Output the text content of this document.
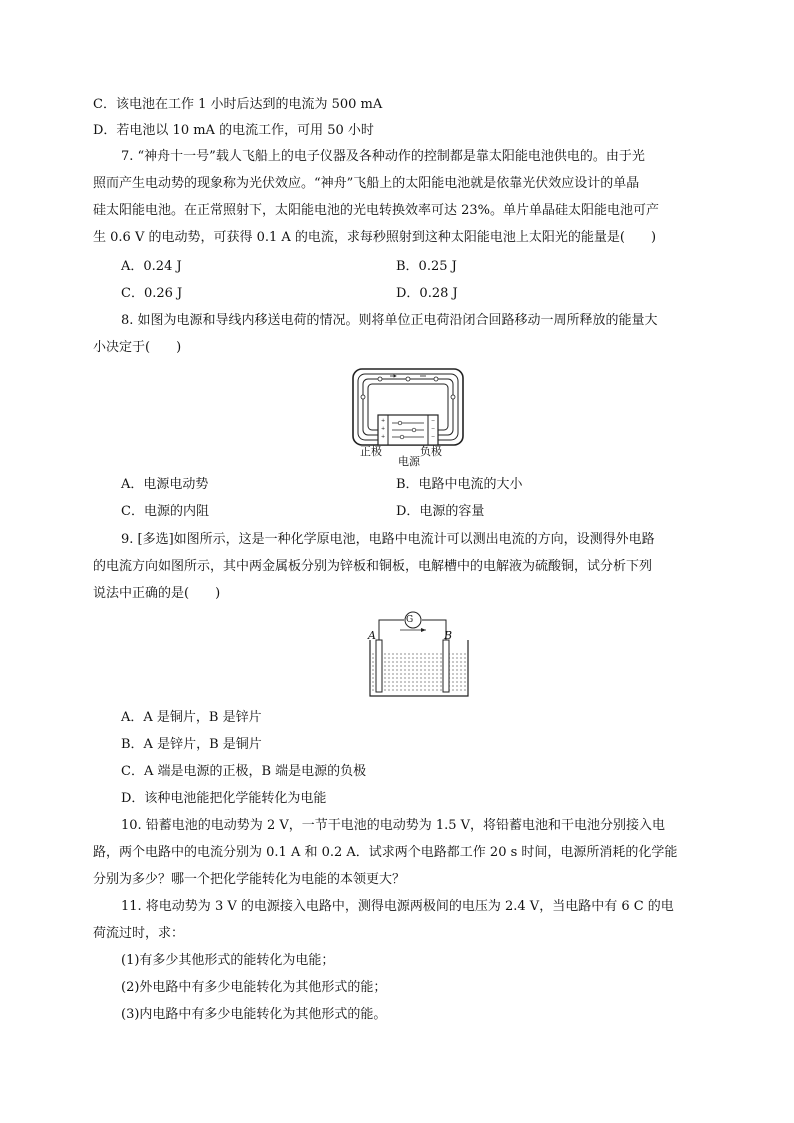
C．该电池在工作 1 小时后达到的电流为 500 mA
D．若电池以 10 mA 的电流工作，可用 50 小时
7. “神舟十一号”载人飞船上的电子仪器及各种动作的控制都是靠太阳能电池供电的。由于光
照而产生电动势的现象称为光伏效应。“神舟”飞船上的太阳能电池就是依靠光伏效应设计的单晶
硅太阳能电池。在正常照射下，太阳能电池的光电转换效率可达 23%。单片单晶硅太阳能电池可产
生 0.6 V 的电动势，可获得 0.1 A 的电流，求每秒照射到这种太阳能电池上太阳光的能量是(　　)
A．0.24 J	B．0.25 J
C．0.26 J	D．0.28 J
8. 如图为电源和导线内移送电荷的情况。则将单位正电荷沿闭合回路移动一周所释放的能量大
小决定于(　　)
+
+
+
−
−
−
正极	负极
电源
A．电源电动势	B．电路中电流的大小
C．电源的内阻	D．电源的容量
9. [多选]如图所示，这是一种化学原电池，电路中电流计可以测出电流的方向，设测得外电路
的电流方向如图所示，其中两金属板分别为锌板和铜板，电解槽中的电解液为硫酸铜，试分析下列
说法中正确的是(　　)
G
A	B
A．A 是铜片，B 是锌片
B．A 是锌片，B 是铜片
C．A 端是电源的正极，B 端是电源的负极
D．该种电池能把化学能转化为电能
10. 铅蓄电池的电动势为 2 V，一节干电池的电动势为 1.5 V，将铅蓄电池和干电池分别接入电
路，两个电路中的电流分别为 0.1 A 和 0.2 A．试求两个电路都工作 20 s 时间，电源所消耗的化学能
分别为多少？哪一个把化学能转化为电能的本领更大？
11. 将电动势为 3 V 的电源接入电路中，测得电源两极间的电压为 2.4 V，当电路中有 6 C 的电
荷流过时，求：
(1)有多少其他形式的能转化为电能；
(2)外电路中有多少电能转化为其他形式的能；
(3)内电路中有多少电能转化为其他形式的能。
